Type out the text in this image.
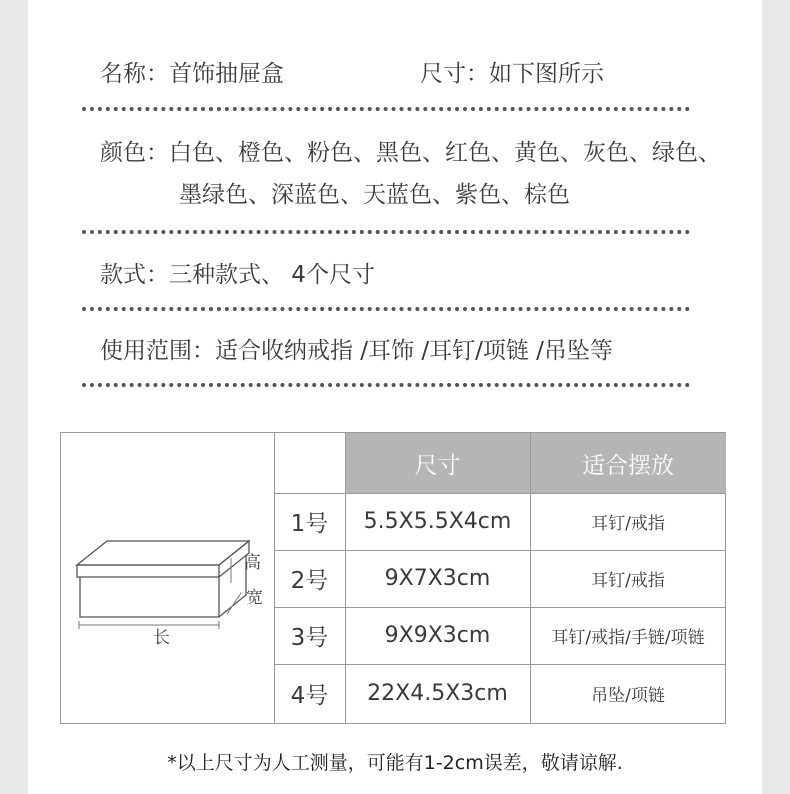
名称：首饰抽屉盒	尺寸：如下图所示
颜色：白色、橙色、粉色、黑色、红色、黄色、灰色、绿色、
墨绿色、深蓝色、天蓝色、紫色、棕色
款式：三种款式、 4个尺寸
使用范围：适合收纳戒指 /耳饰 /耳钉/项链 /吊坠等
尺寸	适合摆放
长
高
宽
1号	5.5X5.5X4cm	耳钉/戒指
2号	9X7X3cm	耳钉/戒指
3号	9X9X3cm	耳钉/戒指/手链/项链
4号	22X4.5X3cm	吊坠/项链
*以上尺寸为人工测量，可能有1-2cm误差，敬请谅解.
